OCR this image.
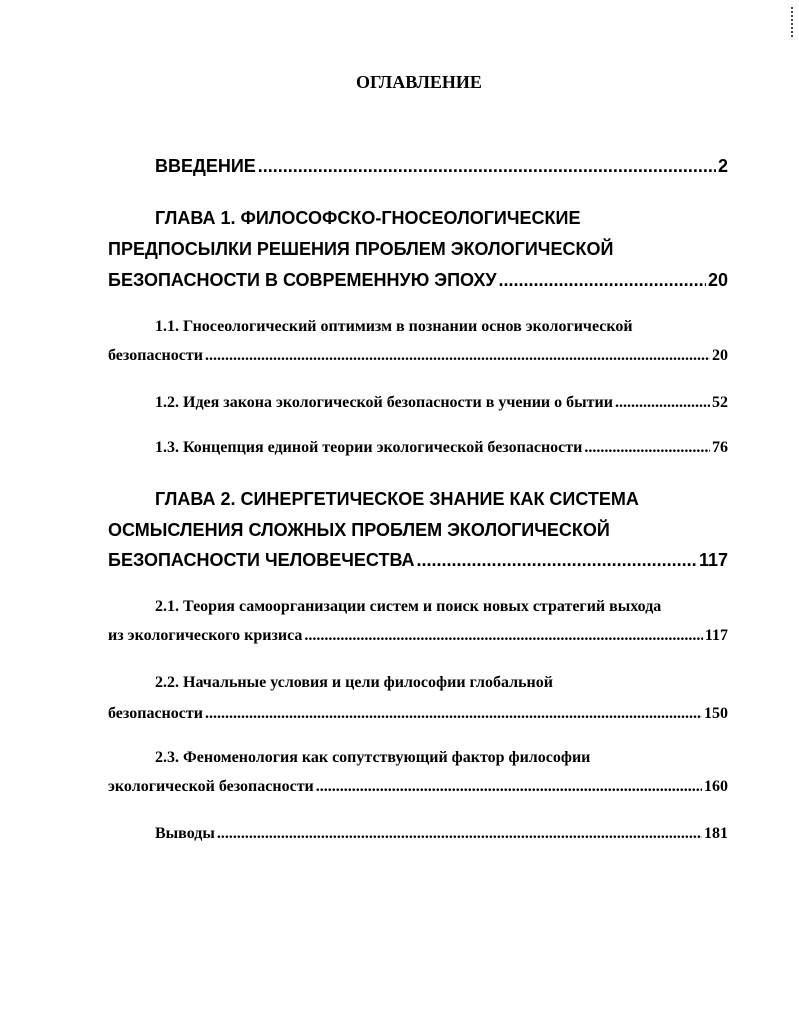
ОГЛАВЛЕНИЕ
ВВЕДЕНИЕ .....	2
ГЛАВА 1. ФИЛОСОФСКО-ГНОСЕОЛОГИЧЕСКИЕ
ПРЕДПОСЫЛКИ РЕШЕНИЯ ПРОБЛЕМ ЭКОЛОГИЧЕСКОЙ
БЕЗОПАСНОСТИ В СОВРЕМЕННУЮ ЭПОХУ .....	20
1.1. Гносеологический оптимизм в познании основ экологической
безопасности .....	20
1.2. Идея закона экологической безопасности в учении о бытии .....	52
1.3. Концепция единой теории экологической безопасности .....	76
ГЛАВА 2. СИНЕРГЕТИЧЕСКОЕ ЗНАНИЕ КАК СИСТЕМА
ОСМЫСЛЕНИЯ СЛОЖНЫХ ПРОБЛЕМ ЭКОЛОГИЧЕСКОЙ
БЕЗОПАСНОСТИ ЧЕЛОВЕЧЕСТВА .....	117
2.1. Теория самоорганизации систем и поиск новых стратегий выхода
из экологического кризиса .....	117
2.2. Начальные условия и цели философии глобальной
безопасности .....	150
2.3. Феноменология как сопутствующий фактор философии
экологической безопасности .....	160
Выводы .....	181
